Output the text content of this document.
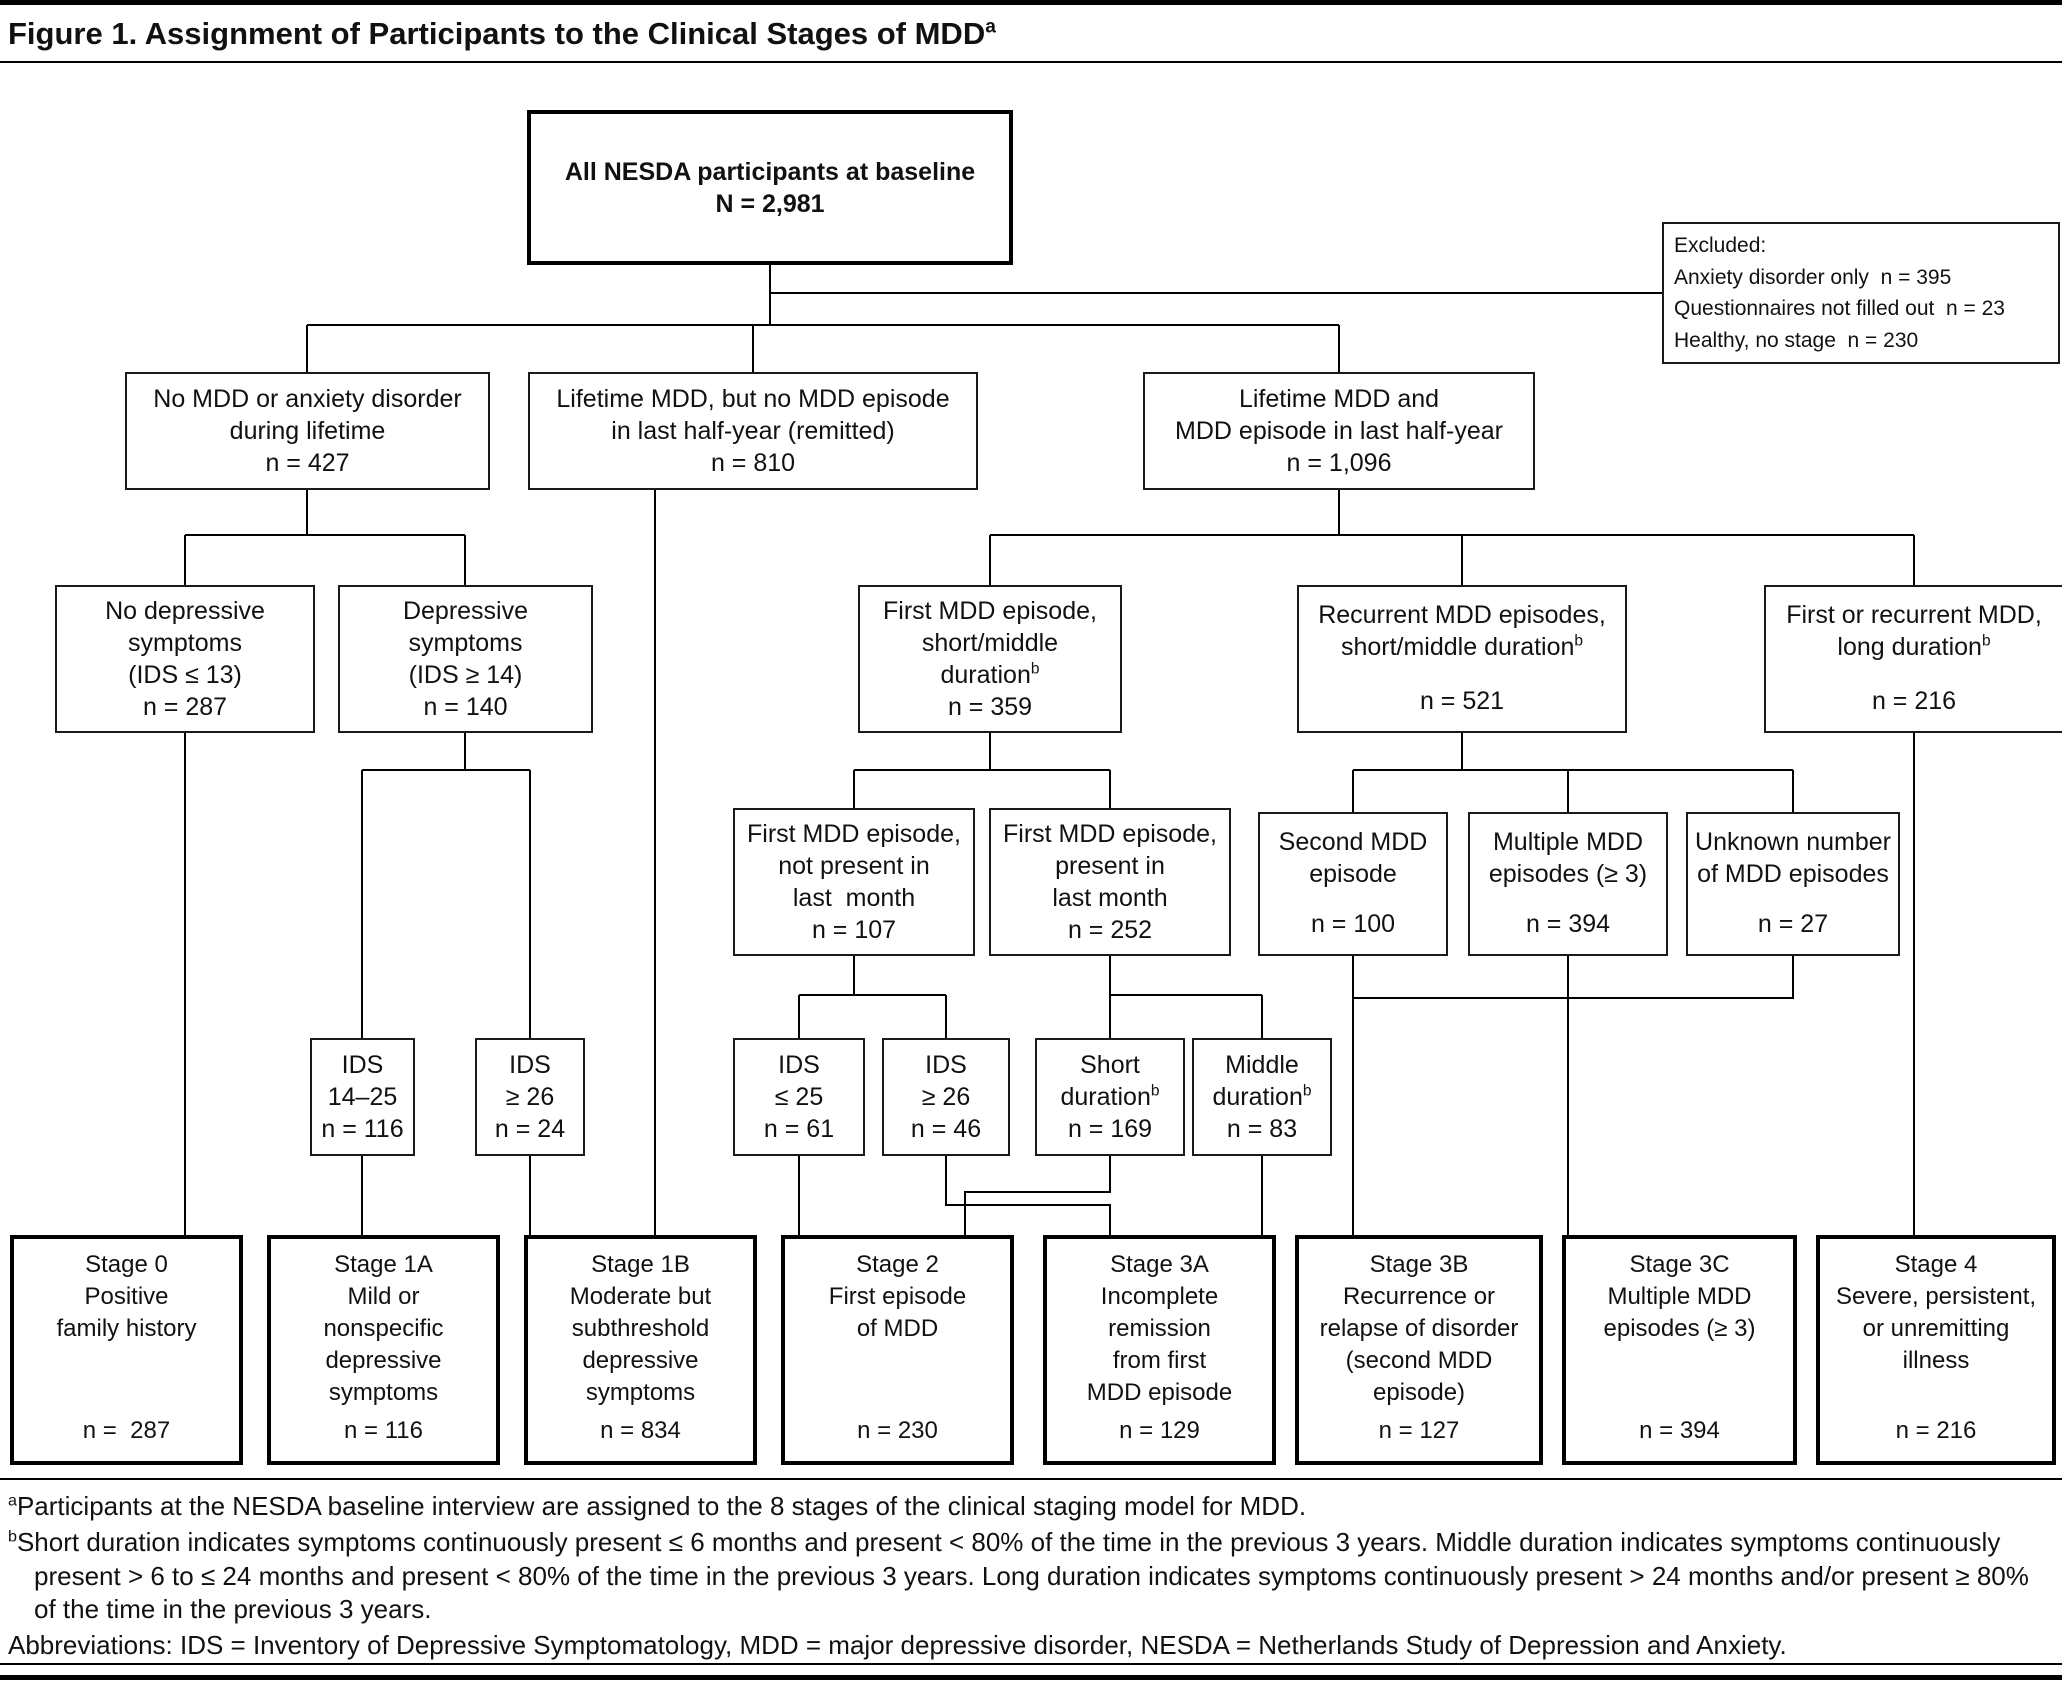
Figure 1. Assignment of Participants to the Clinical Stages of MDD$^a$
All NESDA participants at baseline
N = 2,981
Excluded:
Anxiety disorder only  n = 395
Questionnaires not filled out  n = 23
Healthy, no stage  n = 230
No MDD or anxiety disorder
during lifetime
n = 427
Lifetime MDD, but no MDD episode
in last half-year (remitted)
n = 810
Lifetime MDD and
MDD episode in last half-year
n = 1,096
No depressive
symptoms
(IDS ≤ 13)
n = 287
Depressive
symptoms
(IDS ≥ 14)
n = 140
First MDD episode,
short/middle
duration$^b$
n = 359
Recurrent MDD episodes,
short/middle duration$^b$
n = 521
First or recurrent MDD,
long duration$^b$
n = 216
First MDD episode,
not present in
last  month
n = 107
First MDD episode,
present in
last month
n = 252
Second MDD
episode
n = 100
Multiple MDD
episodes (≥ 3)
n = 394
Unknown number
of MDD episodes
n = 27
IDS
14–25
n = 116
IDS
≥ 26
n = 24
IDS
≤ 25
n = 61
IDS
≥ 26
n = 46
Short
duration$^b$
n = 169
Middle
duration$^b$
n = 83
Stage 0
Positive
family history
n =  287
Stage 1A
Mild or
nonspecific
depressive
symptoms
n = 116
Stage 1B
Moderate but
subthreshold
depressive
symptoms
n = 834
Stage 2
First episode
of MDD
n = 230
Stage 3A
Incomplete
remission
from first
MDD episode
n = 129
Stage 3B
Recurrence or
relapse of disorder
(second MDD
episode)
n = 127
Stage 3C
Multiple MDD
episodes (≥ 3)
n = 394
Stage 4
Severe, persistent,
or unremitting
illness
n = 216

$^a$Participants at the NESDA baseline interview are assigned to the 8 stages of the clinical staging model for MDD.

$^b$Short duration indicates symptoms continuously present ≤ 6 months and present < 80% of the time in the previous 3 years. Middle duration indicates symptoms continuously present > 6 to ≤ 24 months and present < 80% of the time in the previous 3 years. Long duration indicates symptoms continuously present > 24 months and/or present ≥ 80% of the time in the previous 3 years.

Abbreviations: IDS = Inventory of Depressive Symptomatology, MDD = major depressive disorder, NESDA = Netherlands Study of Depression and Anxiety.
